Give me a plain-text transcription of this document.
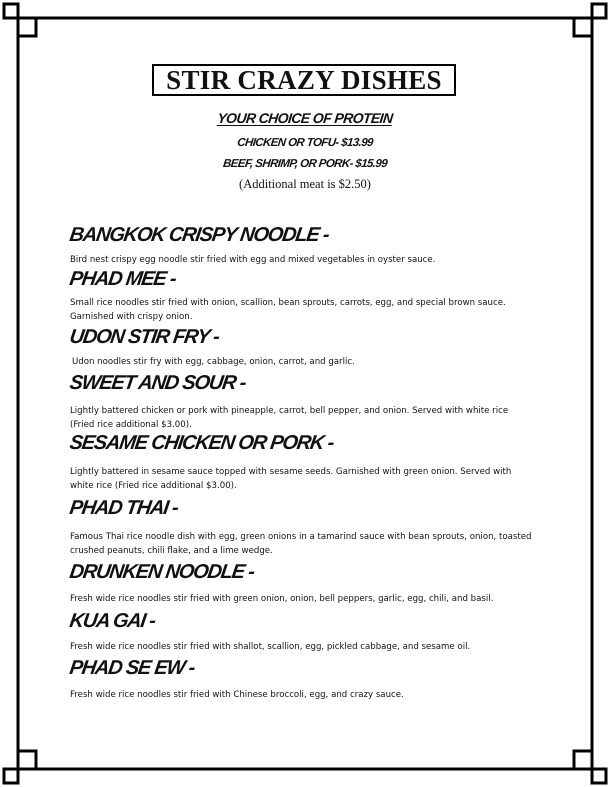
STIR CRAZY DISHES
YOUR CHOICE OF PROTEIN
CHICKEN OR TOFU- $13.99
BEEF, SHRIMP, OR PORK- $15.99
(Additional meat is $2.50)
BANGKOK CRISPY NOODLE -
Bird nest crispy egg noodle stir fried with egg and mixed vegetables in oyster sauce.
PHAD MEE -
Small rice noodles stir fried with onion, scallion, bean sprouts, carrots, egg, and special brown sauce. Garnished with crispy onion.
UDON STIR FRY -
Udon noodles stir fry with egg, cabbage, onion, carrot, and garlic.
SWEET AND SOUR -
Lightly battered chicken or pork with pineapple, carrot, bell pepper, and onion. Served with white rice (Fried rice additional $3.00).
SESAME CHICKEN OR PORK -
Lightly battered in sesame sauce topped with sesame seeds. Garnished with green onion. Served with white rice (Fried rice additional $3.00).
PHAD THAI -
Famous Thai rice noodle dish with egg, green onions in a tamarind sauce with bean sprouts, onion, toasted crushed peanuts, chili flake, and a lime wedge.
DRUNKEN NOODLE -
Fresh wide rice noodles stir fried with green onion, onion, bell peppers, garlic, egg, chili, and basil.
KUA GAI -
Fresh wide rice noodles stir fried with shallot, scallion, egg, pickled cabbage, and sesame oil.
PHAD SE EW -
Fresh wide rice noodles stir fried with Chinese broccoli, egg, and crazy sauce.
